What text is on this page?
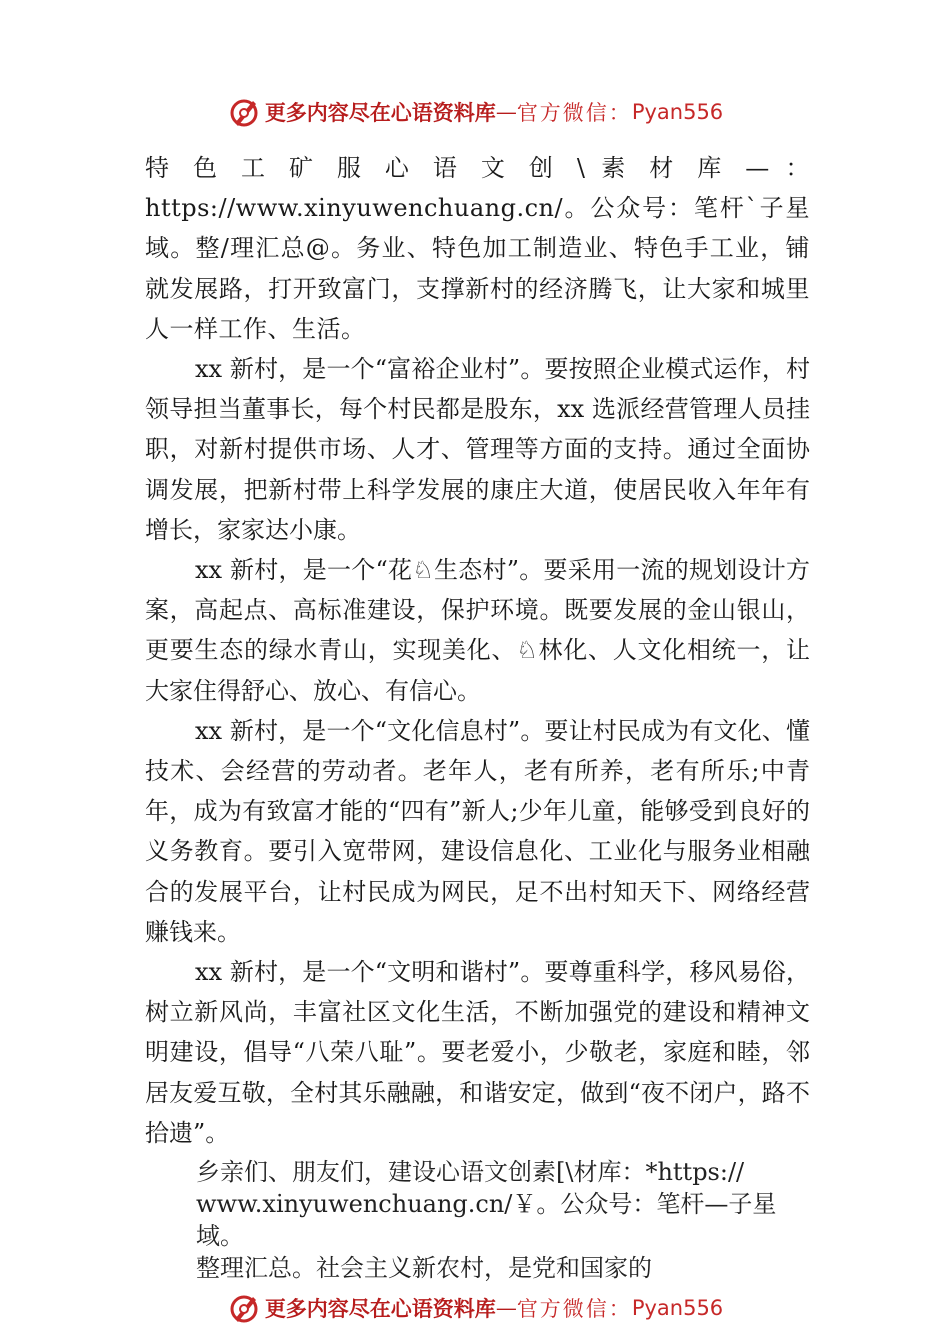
更多内容尽在心语资料库 — 官方微信： Pyan556

特 色 工 矿 服 心 语 文 创 \ 素 材 库 — ： https://www.xinyuwenchuang.cn/。公众号：笔杆`子星域。整/理汇总@。务业、特色加工制造业、特色手工业，铺就发展路，打开致富门，支撑新村的经济腾飞，让大家和城里人一样工作、生活。

xx 新村，是一个“富裕企业村”。要按照企业模式运作，村领导担当董事长，每个村民都是股东，xx 选派经营管理人员挂职，对新村提供市场、人才、管理等方面的支持。通过全面协调发展，把新村带上科学发展的康庄大道，使居民收入年年有增长，家家达小康。

xx 新村，是一个“花♘生态村”。要采用一流的规划设计方案，高起点、高标准建设，保护环境。既要发展的金山银山，更要生态的绿水青山，实现美化、♘林化、人文化相统一，让大家住得舒心、放心、有信心。

xx 新村，是一个“文化信息村”。要让村民成为有文化、懂技术、会经营的劳动者。老年人，老有所养，老有所乐;中青年，成为有致富才能的“四有”新人;少年儿童，能够受到良好的义务教育。要引入宽带网，建设信息化、工业化与服务业相融合的发展平台，让村民成为网民，足不出村知天下、网络经营赚钱来。

xx 新村，是一个“文明和谐村”。要尊重科学，移风易俗，树立新风尚，丰富社区文化生活，不断加强党的建设和精神文明建设，倡导“八荣八耻”。要老爱小，少敬老，家庭和睦，邻居友爱互敬，全村其乐融融，和谐安定，做到“夜不闭户，路不拾遗”。

乡亲们、朋友们，建设心语文创素[\材库：*https://

www.xinyuwenchuang.cn/￥。公众号：笔杆—子星域。

整理汇总。社会主义新农村，是党和国家的

更多内容尽在心语资料库 — 官方微信： Pyan556
